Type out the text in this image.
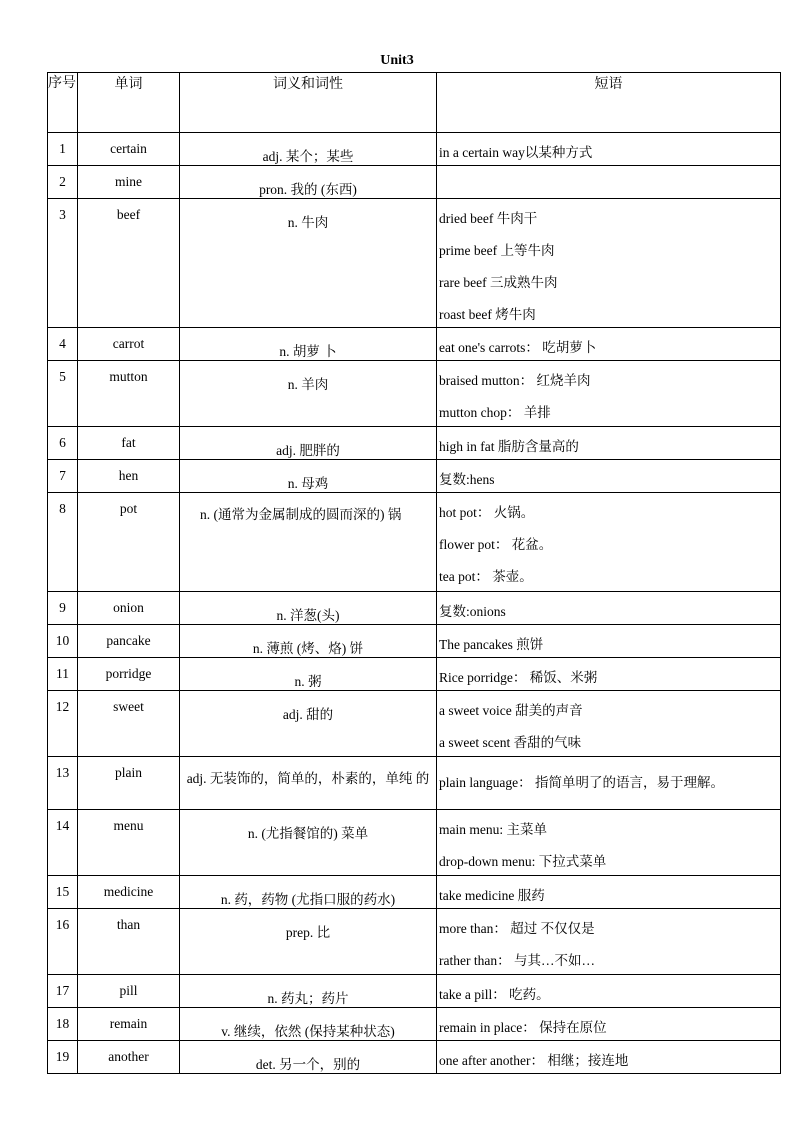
Unit3
序号	单词	词义和词性	短语
1	certain	adj. 某个；某些	in a certain way以某种方式

2	mine	pron. 我的 (东西)	

3	beef	n. 牛肉	dried beef 牛肉干
prime beef 上等牛肉
rare beef 三成熟牛肉
roast beef 烤牛肉

4	carrot	n. 胡萝 卜	eat one's carrots： 吃胡萝卜

5	mutton	n. 羊肉	braised mutton： 红烧羊肉
mutton chop： 羊排

6	fat	adj. 肥胖的	high in fat 脂肪含量高的

7	hen	n. 母鸡	复数:hens

8	pot	n. (通常为金属制成的圆而深的) 锅	hot pot： 火锅。
flower pot： 花盆。
tea pot： 茶壶。

9	onion	n. 洋葱(头)	复数:onions

10	pancake	n. 薄煎 (烤、烙) 饼	The pancakes 煎饼

11	porridge	n. 粥	Rice porridge： 稀饭、米粥

12	sweet	adj. 甜的	a sweet voice 甜美的声音
a sweet scent 香甜的气味

13	plain	adj. 无装饰的，简单的，朴素的，单纯 的	plain language： 指简单明了的语言，易于理解。

14	menu	n. (尤指餐馆的) 菜单	main menu: 主菜单
drop-down menu: 下拉式菜单

15	medicine	n. 药，药物 (尤指口服的药水)	take medicine 服药

16	than	prep. 比	more than： 超过 不仅仅是
rather than： 与其…不如…

17	pill	n. 药丸；药片	take a pill： 吃药。

18	remain	v. 继续，依然 (保持某种状态)	remain in place： 保持在原位

19	another	det. 另一个，别的	one after another： 相继；接连地
